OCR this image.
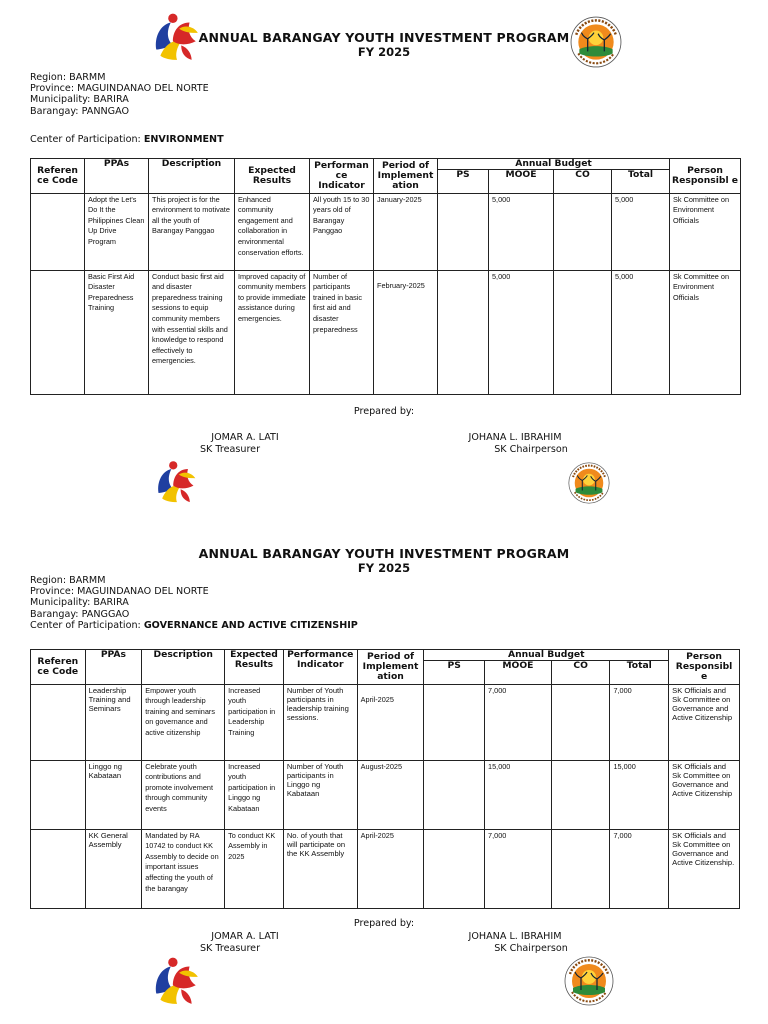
ANNUAL BARANGAY YOUTH INVESTMENT PROGRAM
FY 2025
Region: BARMM
Province: MAGUINDANAO DEL NORTE
Municipality: BARIRA
Barangay: PANNGAO
Center of Participation: ENVIRONMENT
Referen ce Code	PPAs	Description	Expected Results	Performan ce Indicator	Period of Implement ation	Annual Budget				Person Responsibl e
						PS	MOOE	CO	Total	
	Adopt the Let's Do It the Philippines Clean Up Drive Program	This project is for the environment to motivate all the youth of Barangay Panggao	Enhanced community engagement and collaboration in environmental conservation efforts.	All youth 15 to 30 years old of Barangay Panggao	January-2025		5,000		5,000	Sk Committee on Environment Officials
	Basic First Aid Disaster Preparedness Training	Conduct basic first aid and disaster preparedness training sessions to equip community members with essential skills and knowledge to respond effectively to emergencies.	Improved capacity of community members to provide immediate assistance during emergencies.	Number of participants trained in basic first aid and disaster preparedness	February-2025		5,000		5,000	Sk Committee on Environment Officials
Prepared by:
JOMAR A. LATI
SK Treasurer
JOHANA L. IBRAHIM
SK Chairperson
ANNUAL BARANGAY YOUTH INVESTMENT PROGRAM
FY 2025
Region: BARMM
Province: MAGUINDANAO DEL NORTE
Municipality: BARIRA
Barangay: PANGGAO
Center of Participation: GOVERNANCE AND ACTIVE CITIZENSHIP
Referen ce Code	PPAs	Description	Expected Results	Performance Indicator	Period of Implement ation	Annual Budget				Person Responsibl e
						PS	MOOE	CO	Total	
	Leadership Training and Seminars	Empower youth through leadership training and seminars on governance and active citizenship	Increased youth participation in Leadership Training	Number of Youth participants in leadership training sessions.	April-2025		7,000		7,000	SK Officials and Sk Committee on Governance and Active Citizenship
	Linggo ng Kabataan	Celebrate youth contributions and promote involvement through community events	Increased youth participation in Linggo ng Kabataan	Number of Youth participants in Linggo ng Kabataan	August-2025		15,000		15,000	SK Officials and Sk Committee on Governance and Active Citizenship
	KK General Assembly	Mandated by RA 10742 to conduct KK Assembly to decide on important issues affecting the youth of the barangay	To conduct KK Assembly in 2025	No. of youth that will participate on the KK Assembly	April-2025		7,000		7,000	SK Officials and Sk Committee on Governance and Active Citizenship.
Prepared by:
JOMAR A. LATI
SK Treasurer
JOHANA L. IBRAHIM
SK Chairperson
